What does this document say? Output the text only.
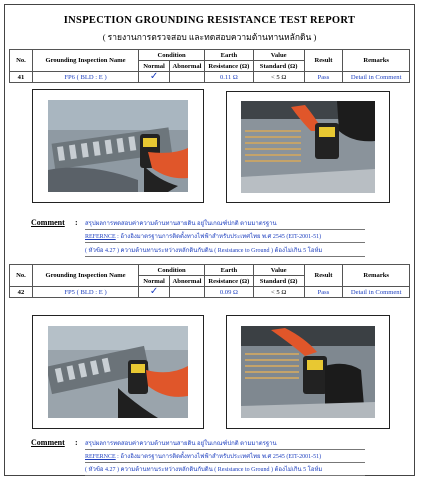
INSPECTION GROUNDING RESISTANCE TEST REPORT
( รายงานการตรวจสอบ และทดสอบความต้านทานหลักดิน )
No.	Grounding Inspection Name	Condition		Earth	Value	Result	Remarks
		Normal	Abnormal	Resistance (Ω)	Standard (Ω)		
41	FP6 ( BLD : E )	✓		0.11 Ω	< 5 Ω	Pass	Detail in Comment
Comment : สรุปผลการทดสอบค่าความต้านทานสายดิน อยู่ในเกณฑ์ปกติ ตามมาตรฐาน
REFERNCE : อ้างอิงมาตรฐานการติดตั้งทางไฟฟ้าสำหรับประเทศไทย พ.ศ 2545 (EIT-2001-51)
( หัวข้อ 4.27 ) ความต้านทานระหว่างหลักดินกับดิน ( Resistance to Ground ) ต้องไม่เกิน 5 โอห์ม
No.	Grounding Inspection Name	Condition		Earth	Value	Result	Remarks
		Normal	Abnormal	Resistance (Ω)	Standard (Ω)		
42	FP5 ( BLD : E )	✓		0.09 Ω	< 5 Ω	Pass	Detail in Comment
Comment : สรุปผลการทดสอบค่าความต้านทานสายดิน อยู่ในเกณฑ์ปกติ ตามมาตรฐาน
REFERNCE : อ้างอิงมาตรฐานการติดตั้งทางไฟฟ้าสำหรับประเทศไทย พ.ศ 2545 (EIT-2001-51)
( หัวข้อ 4.27 ) ความต้านทานระหว่างหลักดินกับดิน ( Resistance to Ground ) ต้องไม่เกิน 5 โอห์ม
